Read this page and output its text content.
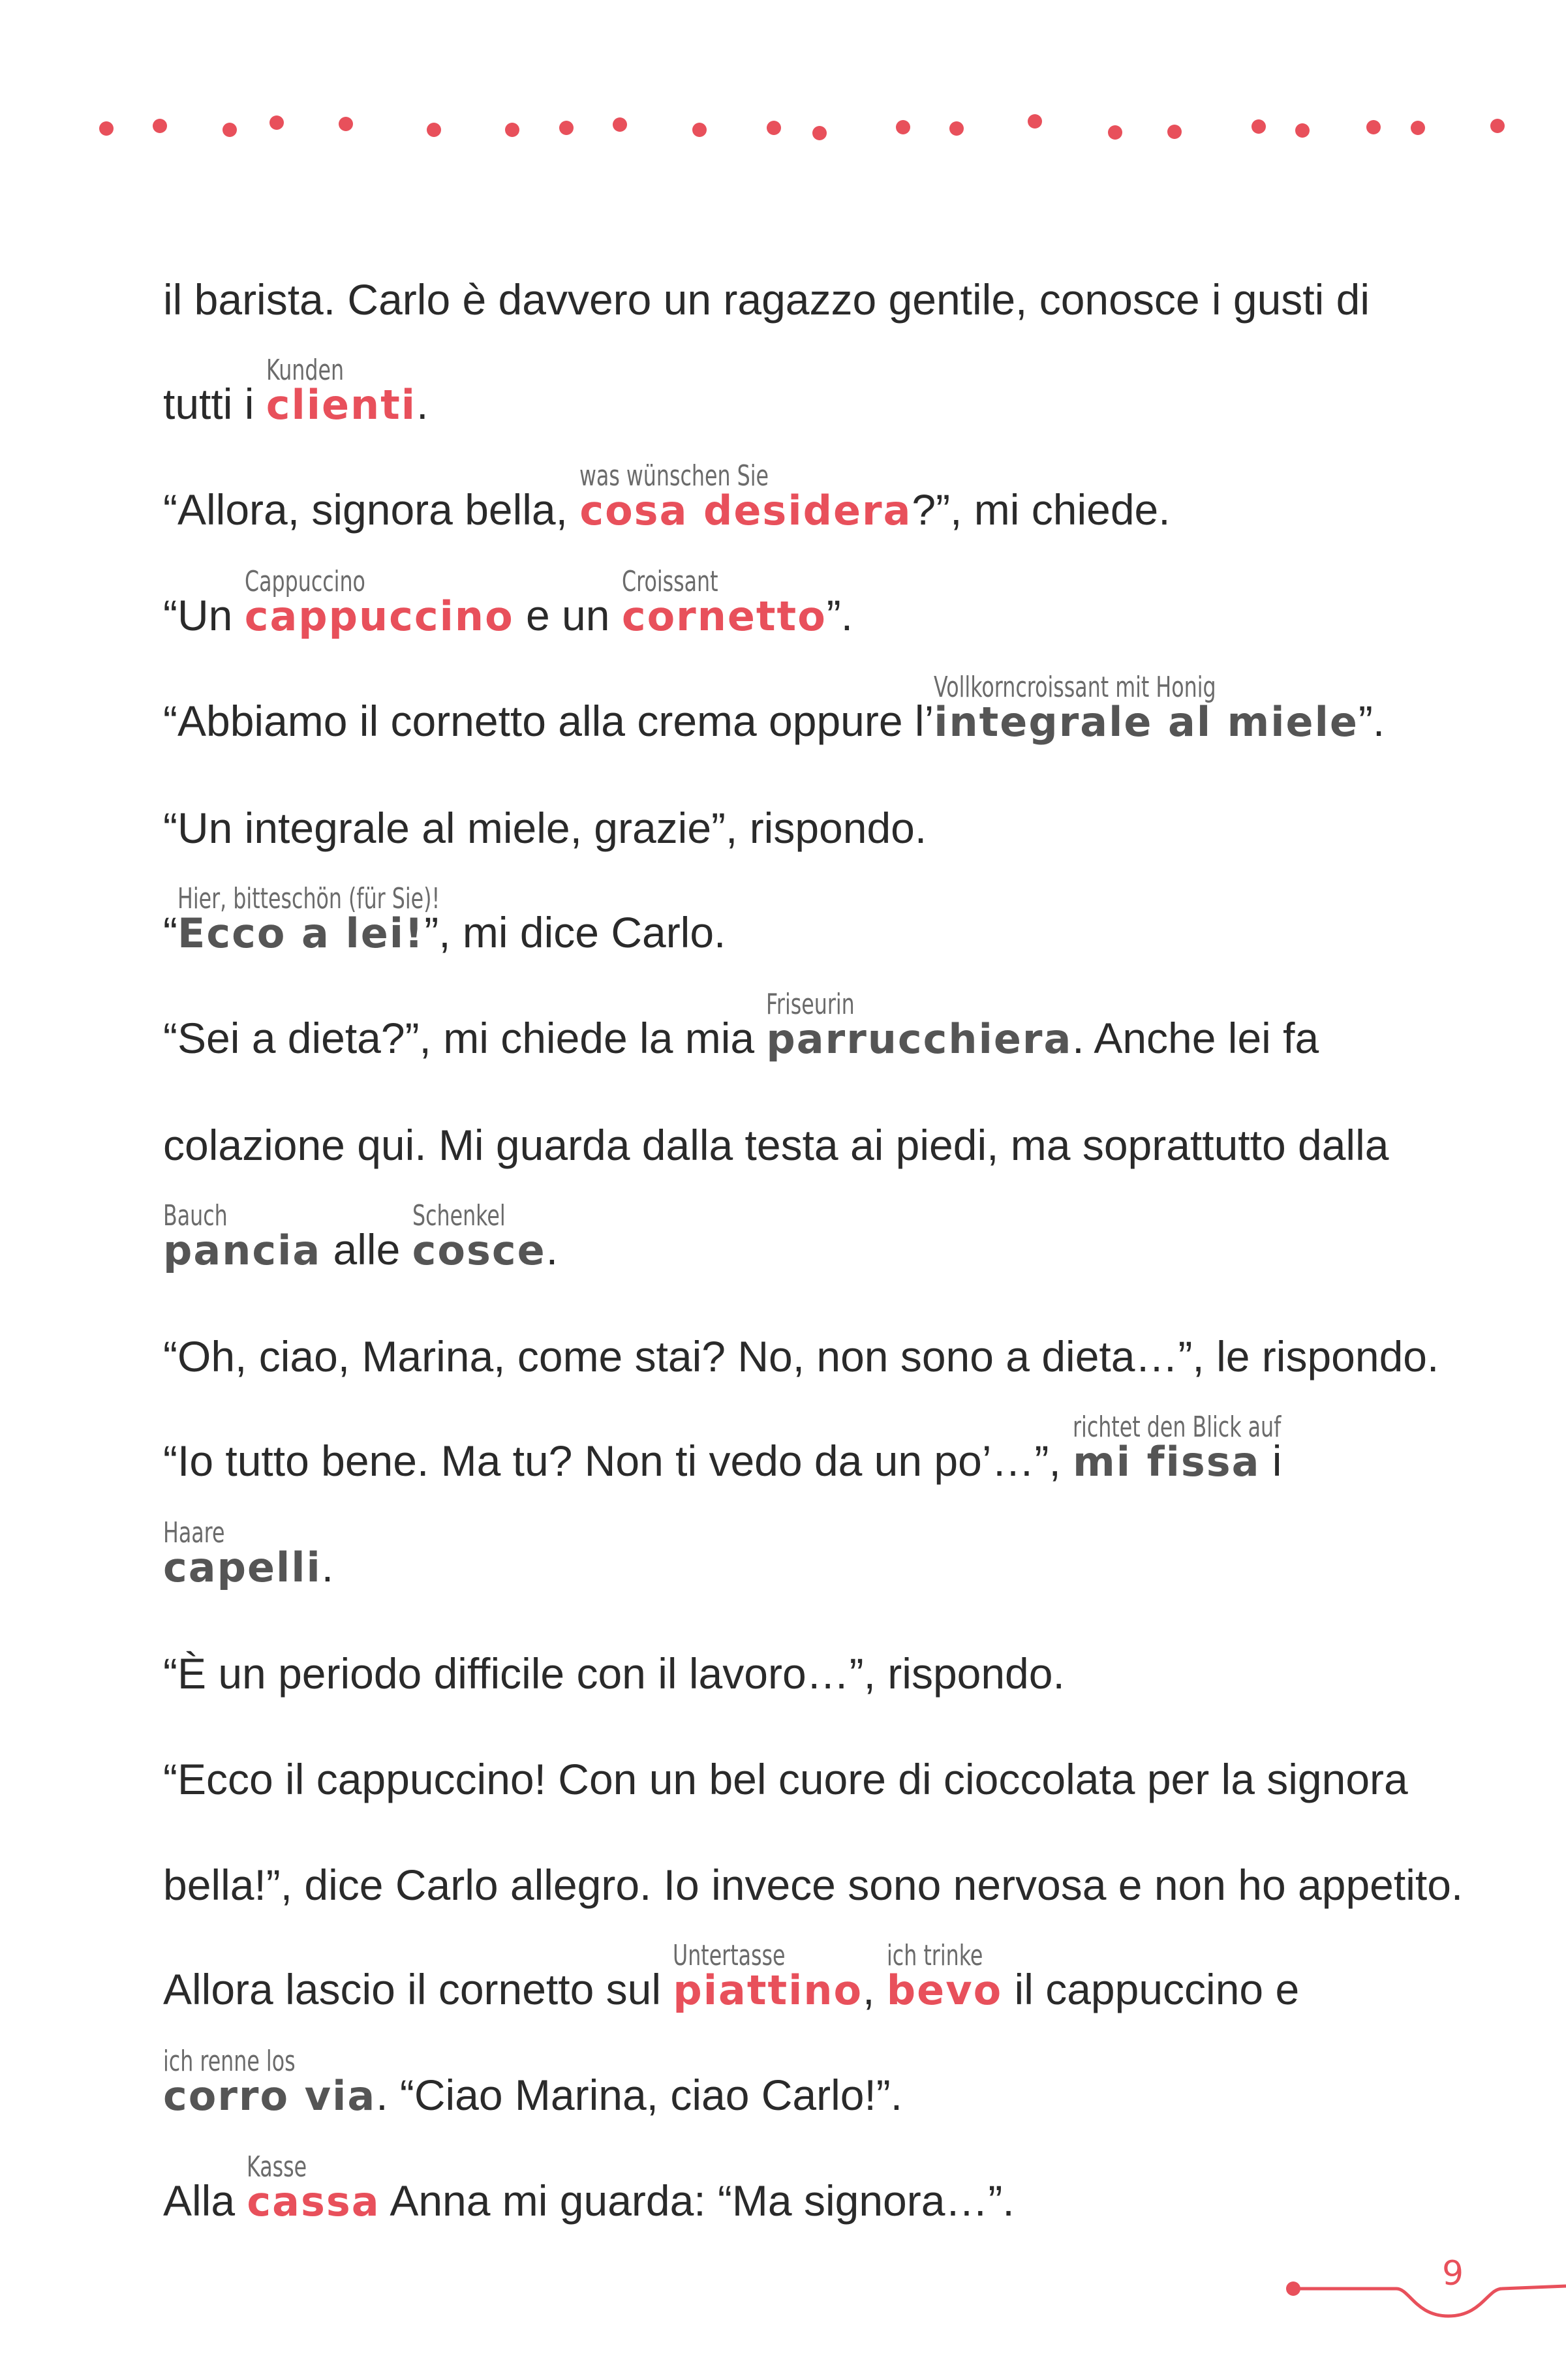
il barista. Carlo è davvero un ragazzo gentile, conosce i gusti di
tutti i
Kunden
clienti.
“Allora, signora bella,
was wünschen Sie
cosa desidera?”, mi chiede.
“Un
Cappuccino
cappuccino e un
Croissant
cornetto”.
“Abbiamo il cornetto alla crema oppure l’
Vollkorncroissant mit Honig
integrale al miele”.
“Un integrale al miele, grazie”, rispondo.
“
Hier, bitteschön (für Sie)!
Ecco a lei!”, mi dice Carlo.
“Sei a dieta?”, mi chiede la mia
Friseurin
parrucchiera. Anche lei fa
colazione qui. Mi guarda dalla testa ai piedi, ma soprattutto dalla
Bauch
pancia alle
Schenkel
cosce.
“Oh, ciao, Marina, come stai? No, non sono a dieta…”, le rispondo.
“Io tutto bene. Ma tu? Non ti vedo da un po’…”,
richtet den Blick auf
mi fissa i
Haare
capelli.
“È un periodo difficile con il lavoro…”, rispondo.
“Ecco il cappuccino! Con un bel cuore di cioccolata per la signora
bella!”, dice Carlo allegro. Io invece sono nervosa e non ho appetito.
Allora lascio il cornetto sul
Untertasse
piattino,
ich trinke
bevo il cappuccino e
ich renne los
corro via. “Ciao Marina, ciao Carlo!”.
Alla
Kasse
cassa Anna mi guarda: “Ma signora…”.
9
